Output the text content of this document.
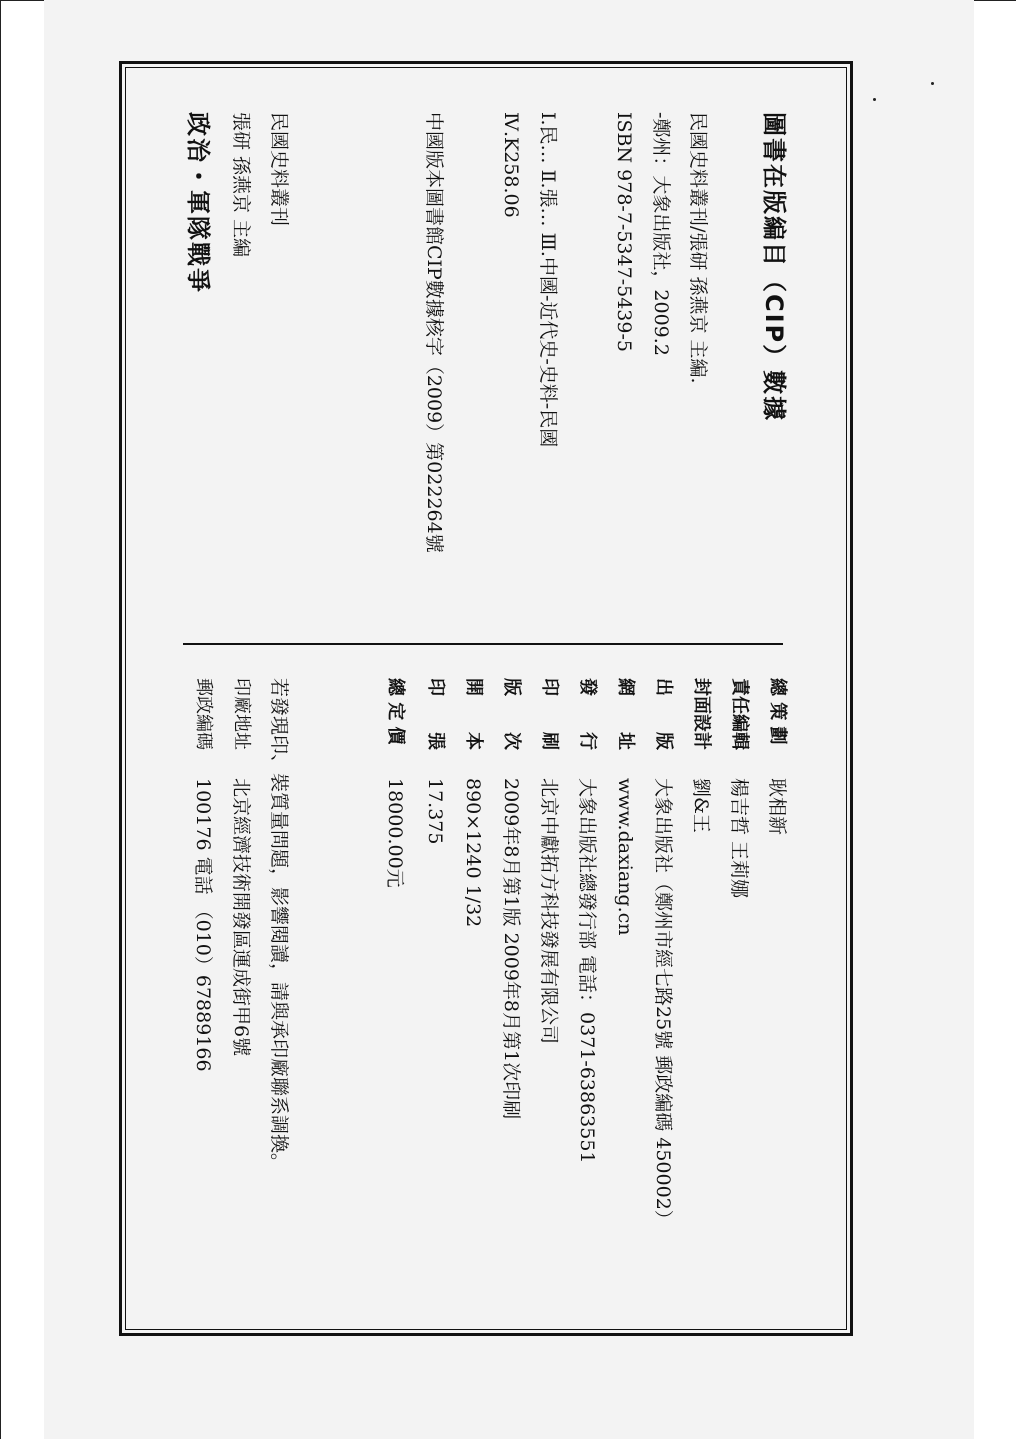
圖書在版編目（CIP）數據
民國史料叢刊/張研 孫燕京 主編.
-鄭州：大象出版社，2009.2
ISBN 978-7-5347-5439-5
Ⅰ.民… Ⅱ.張… Ⅲ.中國-近代史-史料-民國
Ⅳ.K258.06
中國版本圖書館CIP數據核字（2009）第022264號
民國史料叢刊
張研 孫燕京 主編
政治・軍隊戰爭
總 策 劃
耿相新
責任編輯
楊吉哲 王莉娜
封面設計
劉&王
出　　版
大象出版社（鄭州市經七路25號 郵政編碼 450002）
網　　址
www.daxiang.cn
發　　行
大象出版社總發行部 電話：0371-63863551
印　　刷
北京中獻拓方科技發展有限公司
版　　次
2009年8月第1版 2009年8月第1次印刷
開　　本
890×1240 1/32
印　　張
17.375
總 定 價
18000.00元
若發現印、裝質量問題，影響閱讀，請與承印廠聯系調換。
印廠地址
北京經濟技術開發區運成街甲6號
郵政編碼
100176 電話 （010）67889166
